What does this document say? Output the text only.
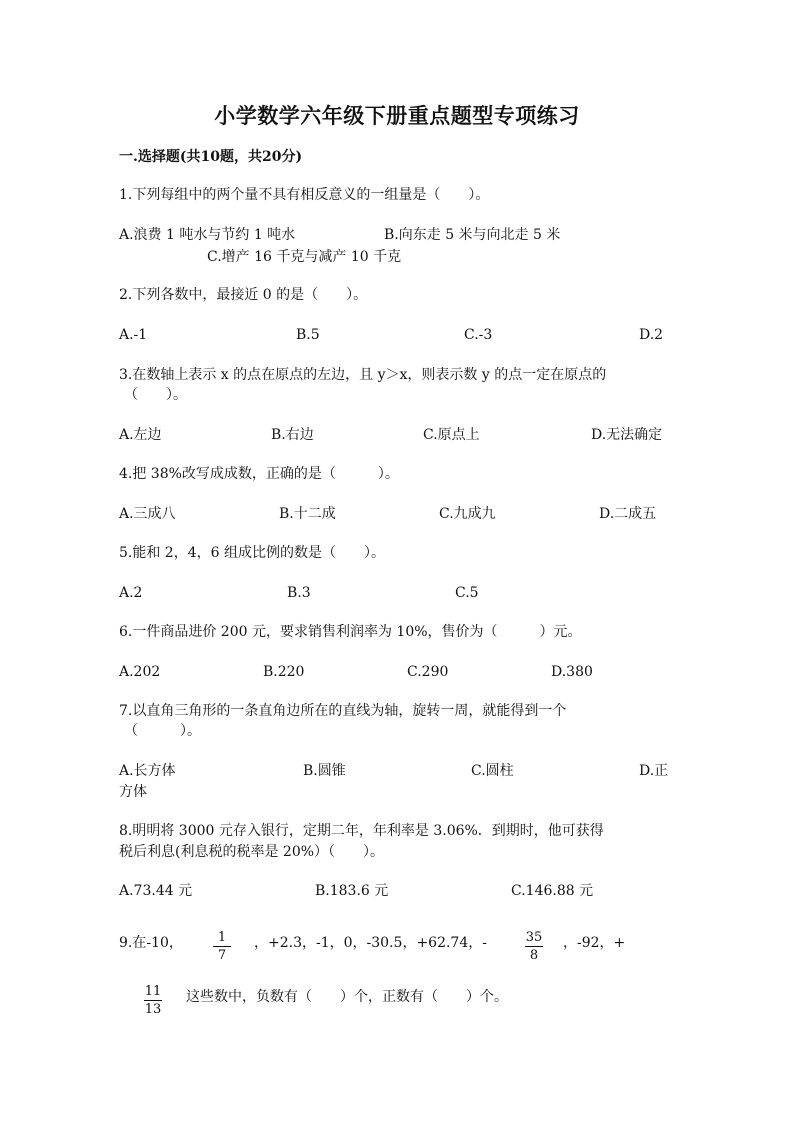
小学数学六年级下册重点题型专项练习
一.选择题(共10题，共20分)
1.下列每组中的两个量不具有相反意义的一组量是（　　）。
A.浪费 1 吨水与节约 1 吨水	B.向东走 5 米与向北走 5 米
C.增产 16 千克与减产 10 千克
2.下列各数中，最接近 0 的是（　　）。
A.-1	B.5	C.-3	D.2
3.在数轴上表示 x 的点在原点的左边，且 y＞x，则表示数 y 的点一定在原点的
（　　）。
A.左边	B.右边	C.原点上	D.无法确定
4.把 38%改写成成数，正确的是（　　　）。
A.三成八	B.十二成	C.九成九	D.二成五
5.能和 2，4，6 组成比例的数是（　　）。
A.2	B.3	C.5
6.一件商品进价 200 元，要求销售利润率为 10%，售价为（　　　）元。
A.202	B.220	C.290	D.380
7.以直角三角形的一条直角边所在的直线为轴，旋转一周，就能得到一个
（　　　）。
A.长方体	B.圆锥	C.圆柱	D.正
方体
8.明明将 3000 元存入银行，定期二年，年利率是 3.06%．到期时，他可获得
税后利息(利息税的税率是 20%）（　　）。
A.73.44 元	B.183.6 元	C.146.88 元
9.在-10，	1
7
，+2.3，-1，0，-30.5，+62.74，-	35
8
，-92，+
11
13
这些数中，负数有（　　）个，正数有（　　）个。
